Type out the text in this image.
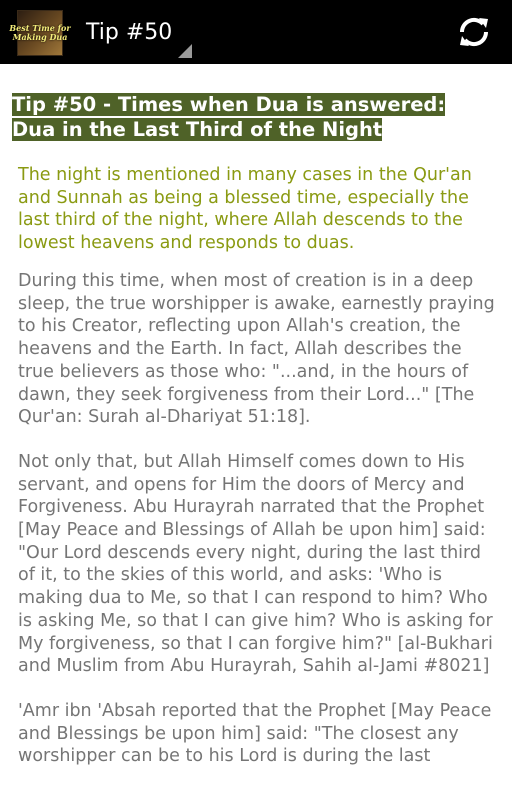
Best Time for
Making Dua Tip #50
Tip #50 - Times when Dua is answered: Dua in the Last Third of the Night
The night is mentioned in many cases in the Qur'an and Sunnah as being a blessed time, especially the last third of the night, where Allah descends to the lowest heavens and responds to duas.
During this time, when most of creation is in a deep sleep, the true worshipper is awake, earnestly praying to his Creator, reflecting upon Allah's creation, the heavens and the Earth. In fact, Allah describes the true believers as those who: "...and, in the hours of dawn, they seek forgiveness from their Lord..." [The Qur'an: Surah al-Dhariyat 51:18].
Not only that, but Allah Himself comes down to His servant, and opens for Him the doors of Mercy and Forgiveness. Abu Hurayrah narrated that the Prophet [May Peace and Blessings of Allah be upon him] said: "Our Lord descends every night, during the last third of it, to the skies of this world, and asks: 'Who is making dua to Me, so that I can respond to him? Who is asking Me, so that I can give him? Who is asking for My forgiveness, so that I can forgive him?" [al-Bukhari and Muslim from Abu Hurayrah, Sahih al-Jami #8021]
'Amr ibn 'Absah reported that the Prophet [May Peace and Blessings be upon him] said: "The closest any worshipper can be to his Lord is during the last
